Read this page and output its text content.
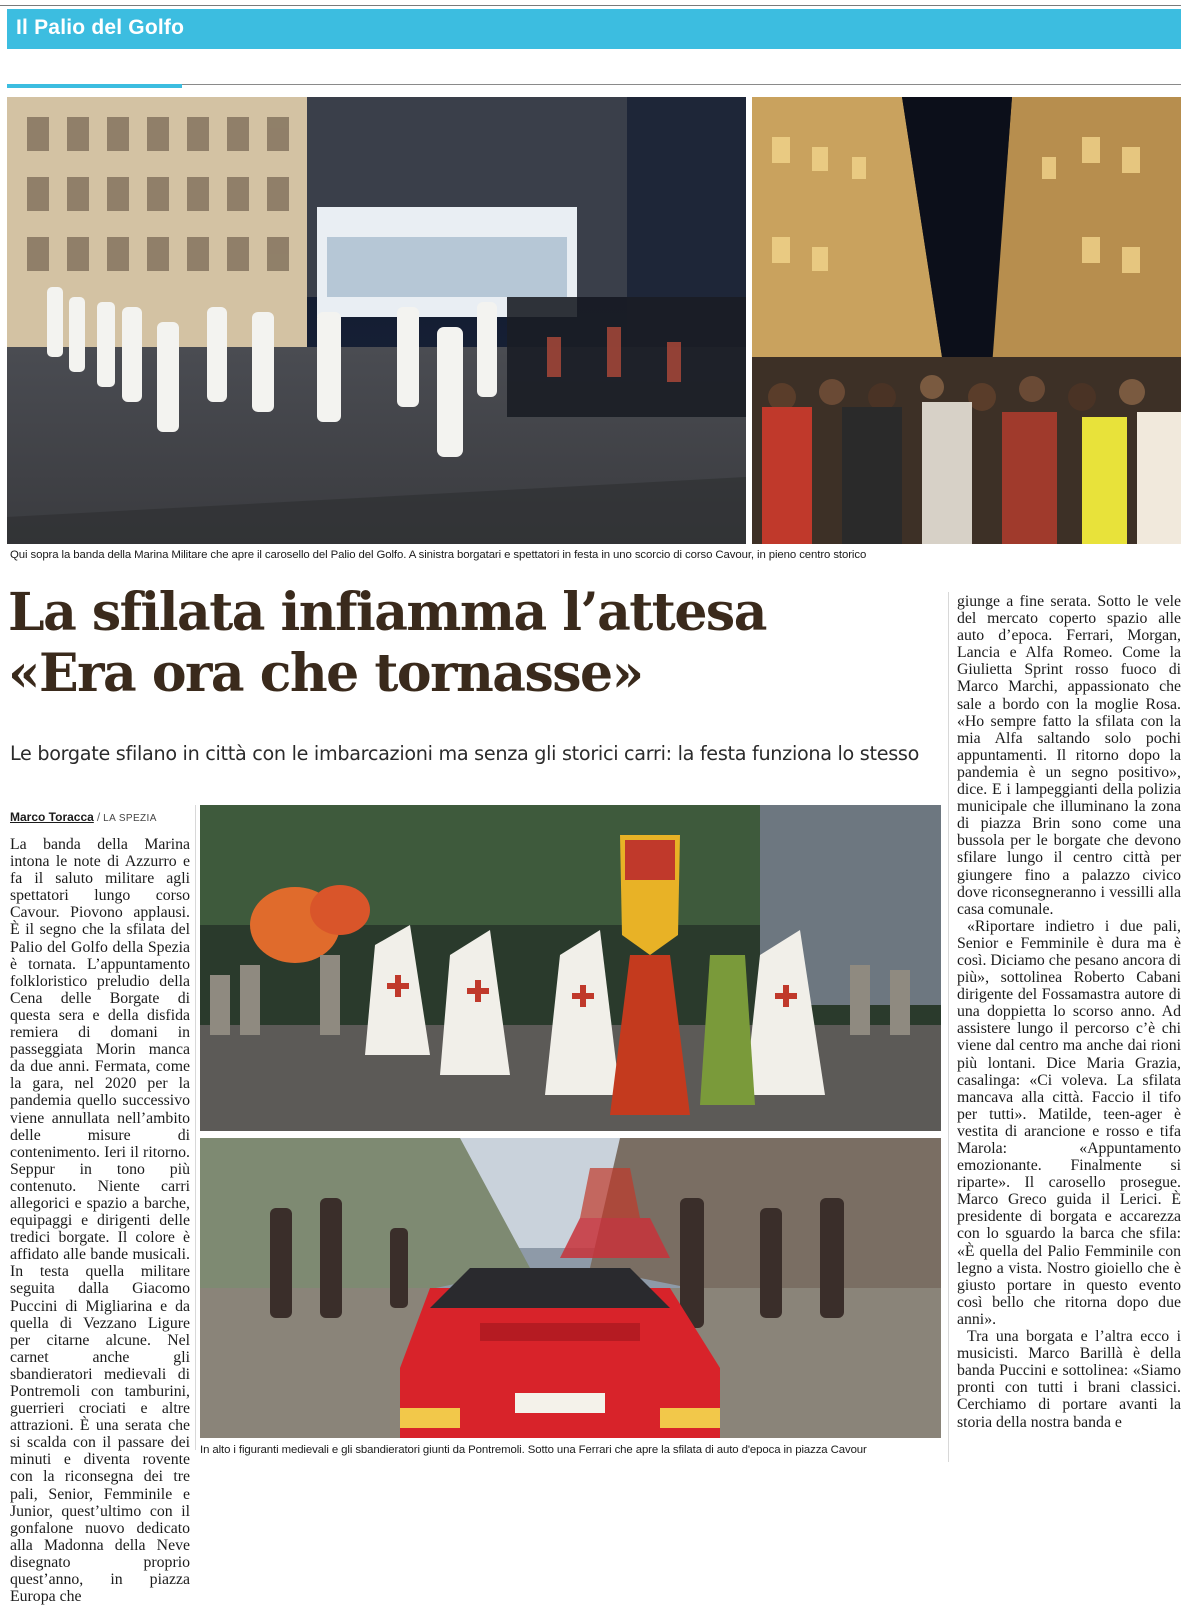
Il Palio del Golfo
Qui sopra la banda della Marina Militare che apre il carosello del Palio del Golfo. A sinistra borgatari e spettatori in festa in uno scorcio di corso Cavour, in pieno centro storico
La sfilata infiamma l’attesa
«Era ora che tornasse»
Le borgate sfilano in città con le imbarcazioni ma senza gli storici carri: la festa funziona lo stesso
Marco Toracca / LA SPEZIA

La banda della Marina intona le note di Azzurro e fa il saluto militare agli spettatori lungo corso Cavour. Piovono applausi. È il segno che la sfilata del Palio del Golfo della Spezia è tornata. L’appuntamento folkloristico preludio della Cena delle Borgate di questa sera e della disfida remiera di domani in passeggiata Morin manca da due anni. Fermata, come la gara, nel 2020 per la pandemia quello successivo viene annullata nell’ambito delle misure di contenimento. Ieri il ritorno. Seppur in tono più contenuto. Niente carri allegorici e spazio a barche, equipaggi e dirigenti delle tredici borgate. Il colore è affidato alle bande musicali. In testa quella militare seguita dalla Giacomo Puccini di Migliarina e da quella di Vezzano Ligure per citarne alcune. Nel carnet anche gli sbandieratori medievali di Pontremoli con tamburini, guerrieri crociati e altre attrazioni. È una serata che si scalda con il passare dei minuti e diventa rovente con la riconsegna dei tre pali, Senior, Femminile e Junior, quest’ultimo con il gonfalone nuovo dedicato alla Madonna della Neve disegnato proprio quest’anno, in piazza Europa che

In alto i figuranti medievali e gli sbandieratori giunti da Pontremoli. Sotto una Ferrari che apre la sfilata di auto d'epoca in piazza Cavour

giunge a fine serata. Sotto le vele del mercato coperto spazio alle auto d’epoca. Ferrari, Morgan, Lancia e Alfa Romeo. Come la Giulietta Sprint rosso fuoco di Marco Marchi, appassionato che sale a bordo con la moglie Rosa. «Ho sempre fatto la sfilata con la mia Alfa saltando solo pochi appuntamenti. Il ritorno dopo la pandemia è un segno positivo», dice. E i lampeggianti della polizia municipale che illuminano la zona di piazza Brin sono come una bussola per le borgate che devono sfilare lungo il centro città per giungere fino a palazzo civico dove riconsegneranno i vessilli alla casa comunale.

«Riportare indietro i due pali, Senior e Femminile è dura ma è così. Diciamo che pesano ancora di più», sottolinea Roberto Cabani dirigente del Fossamastra autore di una doppietta lo scorso anno. Ad assistere lungo il percorso c’è chi viene dal centro ma anche dai rioni più lontani. Dice Maria Grazia, casalinga: «Ci voleva. La sfilata mancava alla città. Faccio il tifo per tutti». Matilde, teen-ager è vestita di arancione e rosso e tifa Marola: «Appuntamento emozionante. Finalmente si riparte». Il carosello prosegue. Marco Greco guida il Lerici. È presidente di borgata e accarezza con lo sguardo la barca che sfila: «È quella del Palio Femminile con legno a vista. Nostro gioiello che è giusto portare in questo evento così bello che ritorna dopo due anni».

Tra una borgata e l’altra ecco i musicisti. Marco Barillà è della banda Puccini e sottolinea: «Siamo pronti con tutti i brani classici. Cerchiamo di portare avanti la storia della nostra banda e
